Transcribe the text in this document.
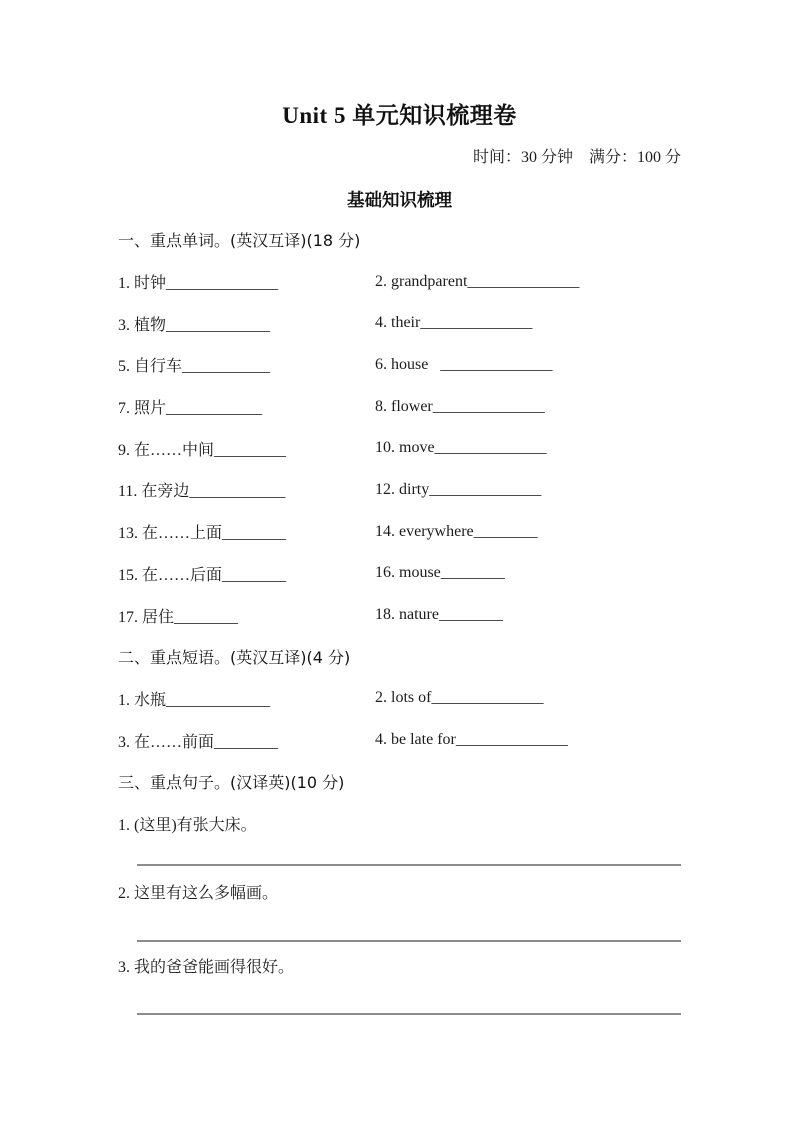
Unit 5 单元知识梳理卷
时间：30 分钟　满分：100 分
基础知识梳理
一、重点单词。(英汉互译)(18 分)
1. 时钟______________	2. grandparent______________
3. 植物_____________	4. their______________
5. 自行车___________	6. house   ______________
7. 照片____________	8. flower______________
9. 在……中间_________	10. move______________
11. 在旁边____________	12. dirty______________
13. 在……上面________	14. everywhere________
15. 在……后面________	16. mouse________
17. 居住________	18. nature________
二、重点短语。(英汉互译)(4 分)
1. 水瓶_____________	2. lots of______________
3. 在……前面________	4. be late for______________
三、重点句子。(汉译英)(10 分)
1. (这里)有张大床。
2. 这里有这么多幅画。
3. 我的爸爸能画得很好。
